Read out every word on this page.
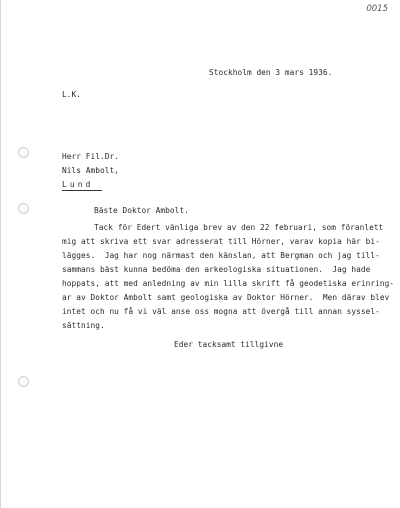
0015
Stockholm den 3 mars 1936.
L.K.
Herr Fil.Dr.
Nils Ambolt,
Lund
Bäste Doktor Ambolt.
Tack för Edert vänliga brev av den 22 februari, som föranlett
mig att skriva ett svar adresserat till Hörner, varav kopia här bi-
lägges.  Jag har nog närmast den känslan, att Bergman och jag till-
sammans bäst kunna bedöma den arkeologiska situationen.  Jag hade
hoppats, att med anledning av min lilla skrift få geodetiska erinring-
ar av Doktor Ambolt samt geologiska av Doktor Hörner.  Men därav blev
intet och nu få vi väl anse oss mogna att övergå till annan syssel-
sättning.
Eder tacksamt tillgivne
